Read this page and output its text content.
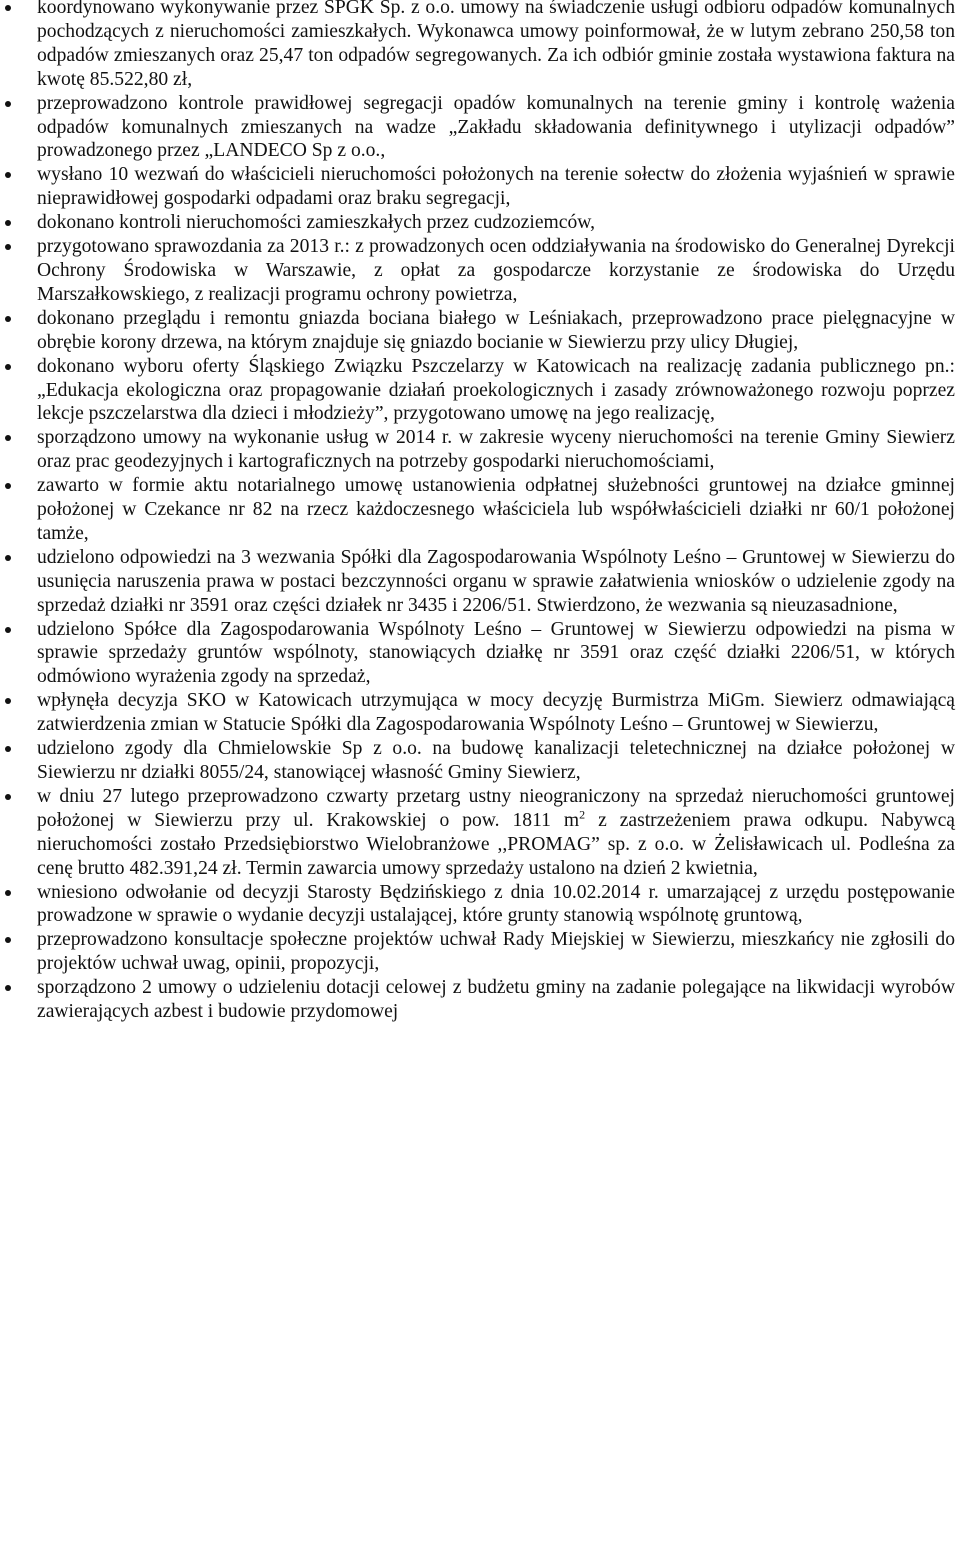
koordynowano wykonywanie przez SPGK Sp. z o.o. umowy na świadczenie usługi odbioru odpadów komunalnych pochodzących z nieruchomości zamieszkałych. Wykonawca umowy poinformował, że w lutym zebrano 250,58 ton odpadów zmieszanych oraz 25,47 ton odpadów segregowanych. Za ich odbiór gminie została wystawiona faktura na kwotę 85.522,80 zł,
przeprowadzono kontrole prawidłowej segregacji opadów komunalnych na terenie gminy i kontrolę ważenia odpadów komunalnych zmieszanych na wadze „Zakładu składowania definitywnego i utylizacji odpadów” prowadzonego przez „LANDECO Sp z o.o.,
wysłano 10 wezwań do właścicieli nieruchomości położonych na terenie sołectw do złożenia wyjaśnień w sprawie nieprawidłowej gospodarki odpadami oraz braku segregacji,
dokonano kontroli nieruchomości zamieszkałych przez cudzoziemców,
przygotowano sprawozdania za 2013 r.: z prowadzonych ocen oddziaływania na środowisko do Generalnej Dyrekcji Ochrony Środowiska w Warszawie, z opłat za gospodarcze korzystanie ze środowiska do Urzędu Marszałkowskiego, z realizacji programu ochrony powietrza,
dokonano przeglądu i remontu gniazda bociana białego w Leśniakach, przeprowadzono prace pielęgnacyjne w obrębie korony drzewa, na którym znajduje się gniazdo bocianie w Siewierzu przy ulicy Długiej,
dokonano wyboru oferty Śląskiego Związku Pszczelarzy w Katowicach na realizację zadania publicznego pn.: „Edukacja ekologiczna oraz propagowanie działań proekologicznych i zasady zrównoważonego rozwoju poprzez lekcje pszczelarstwa dla dzieci i młodzieży”, przygotowano umowę na jego realizację,
sporządzono umowy na wykonanie usług w 2014 r. w zakresie wyceny nieruchomości na terenie Gminy Siewierz oraz prac geodezyjnych i kartograficznych na potrzeby gospodarki nieruchomościami,
zawarto w formie aktu notarialnego umowę ustanowienia odpłatnej służebności gruntowej na działce gminnej położonej w Czekance nr 82 na rzecz każdoczesnego właściciela lub współwłaścicieli działki nr 60/1 położonej tamże,
udzielono odpowiedzi na 3 wezwania Spółki dla Zagospodarowania Wspólnoty Leśno – Gruntowej w Siewierzu do usunięcia naruszenia prawa w postaci bezczynności organu w sprawie załatwienia wniosków o udzielenie zgody na sprzedaż działki nr 3591 oraz części działek nr 3435 i 2206/51. Stwierdzono, że wezwania są nieuzasadnione,
udzielono Spółce dla Zagospodarowania Wspólnoty Leśno – Gruntowej w Siewierzu odpowiedzi na pisma w sprawie sprzedaży gruntów wspólnoty, stanowiących działkę nr 3591 oraz część działki 2206/51, w których odmówiono wyrażenia zgody na sprzedaż,
wpłynęła decyzja SKO w Katowicach utrzymująca w mocy decyzję Burmistrza MiGm. Siewierz odmawiającą zatwierdzenia zmian w Statucie Spółki dla Zagospodarowania Wspólnoty Leśno – Gruntowej w Siewierzu,
udzielono zgody dla Chmielowskie Sp z o.o. na budowę kanalizacji teletechnicznej na działce położonej w Siewierzu nr działki 8055/24, stanowiącej własność Gminy Siewierz,
w dniu 27 lutego przeprowadzono czwarty przetarg ustny nieograniczony na sprzedaż nieruchomości gruntowej położonej w Siewierzu przy ul. Krakowskiej o pow. 1811 $m^2$ z zastrzeżeniem prawa odkupu. Nabywcą nieruchomości zostało Przedsiębiorstwo Wielobranżowe ,,PROMAG” sp. z o.o. w Żelisławicach ul. Podleśna za cenę brutto 482.391,24 zł. Termin zawarcia umowy sprzedaży ustalono na dzień 2 kwietnia,
wniesiono odwołanie od decyzji Starosty Będzińskiego z dnia 10.02.2014 r. umarzającej z urzędu postępowanie prowadzone w sprawie o wydanie decyzji ustalającej, które grunty stanowią wspólnotę gruntową,
przeprowadzono konsultacje społeczne projektów uchwał Rady Miejskiej w Siewierzu, mieszkańcy nie zgłosili do projektów uchwał uwag, opinii, propozycji,
sporządzono 2 umowy o udzieleniu dotacji celowej z budżetu gminy na zadanie polegające na likwidacji wyrobów zawierających azbest i budowie przydomowej
